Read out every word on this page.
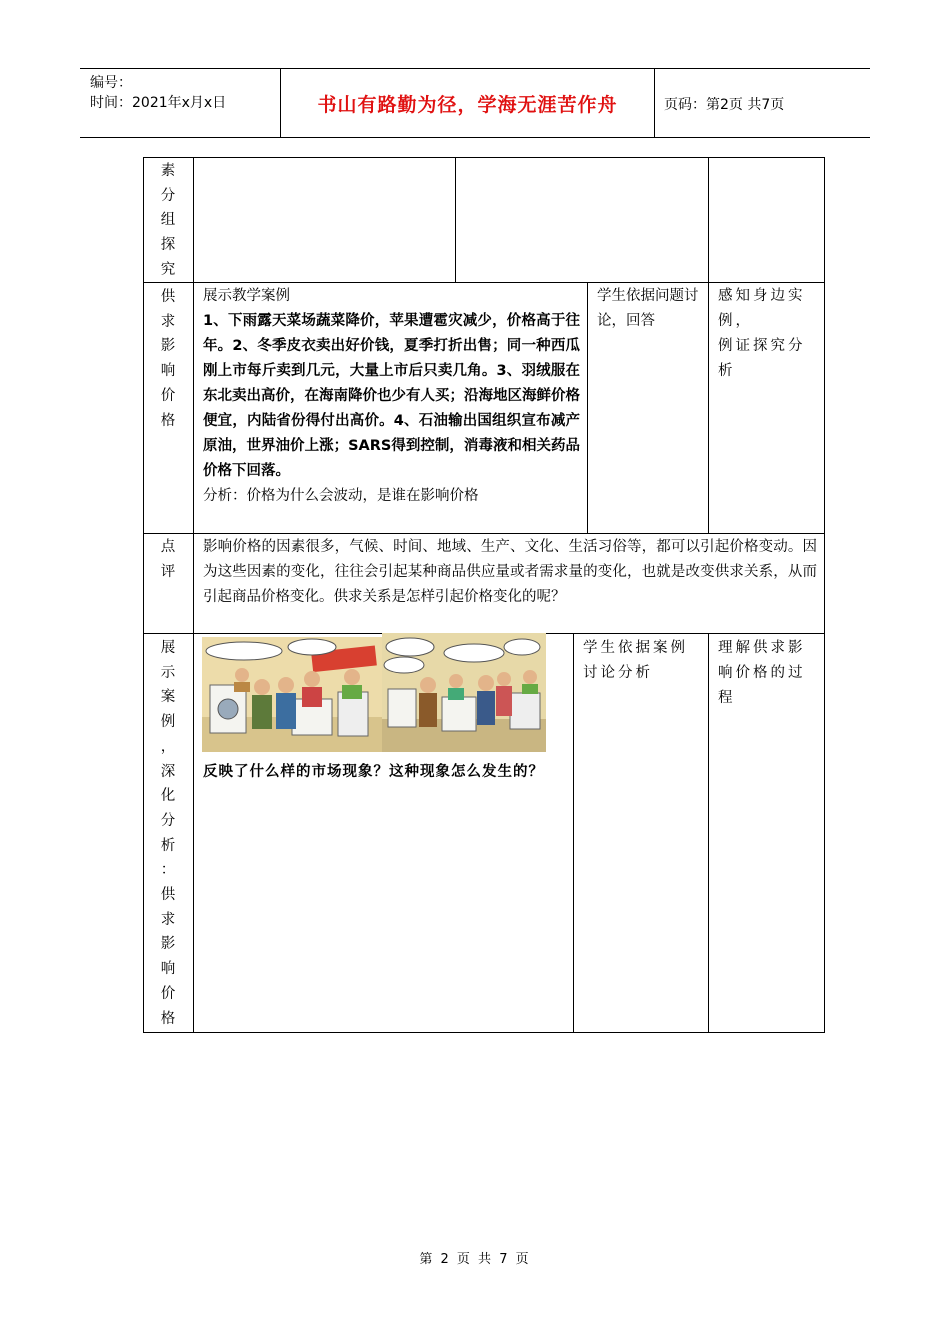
编号：
时间：2021年x月x日	书山有路勤为径，学海无涯苦作舟	页码：第2页 共7页
素
分
组
探
究
供
求
影
响
价
格
展示教学案例
1、下雨露天菜场蔬菜降价，苹果遭雹灾减少，价格高于往年。2、冬季皮衣卖出好价钱，夏季打折出售；同一种西瓜刚上市每斤卖到几元，大量上市后只卖几角。3、羽绒服在东北卖出高价，在海南降价也少有人买；沿海地区海鲜价格便宜，内陆省份得付出高价。4、石油输出国组织宣布减产原油，世界油价上涨；SARS得到控制，消毒液和相关药品价格下回落。
分析：价格为什么会波动，是谁在影响价格
学生依据问题讨论，回答
感知身边实例，
例证探究分析
点
评
影响价格的因素很多，气候、时间、地域、生产、文化、生活习俗等，都可以引起价格变动。因为这些因素的变化，往往会引起某种商品供应量或者需求量的变化，也就是改变供求关系，从而引起商品价格变化。供求关系是怎样引起价格变化的呢？
展
示
案
例
，
深
化
分
析
：
供
求
影
响
价
格
反映了什么样的市场现象？这种现象怎么发生的？
学生依据案例讨论分析
理解供求影响价格的过程
第 2 页 共 7 页
